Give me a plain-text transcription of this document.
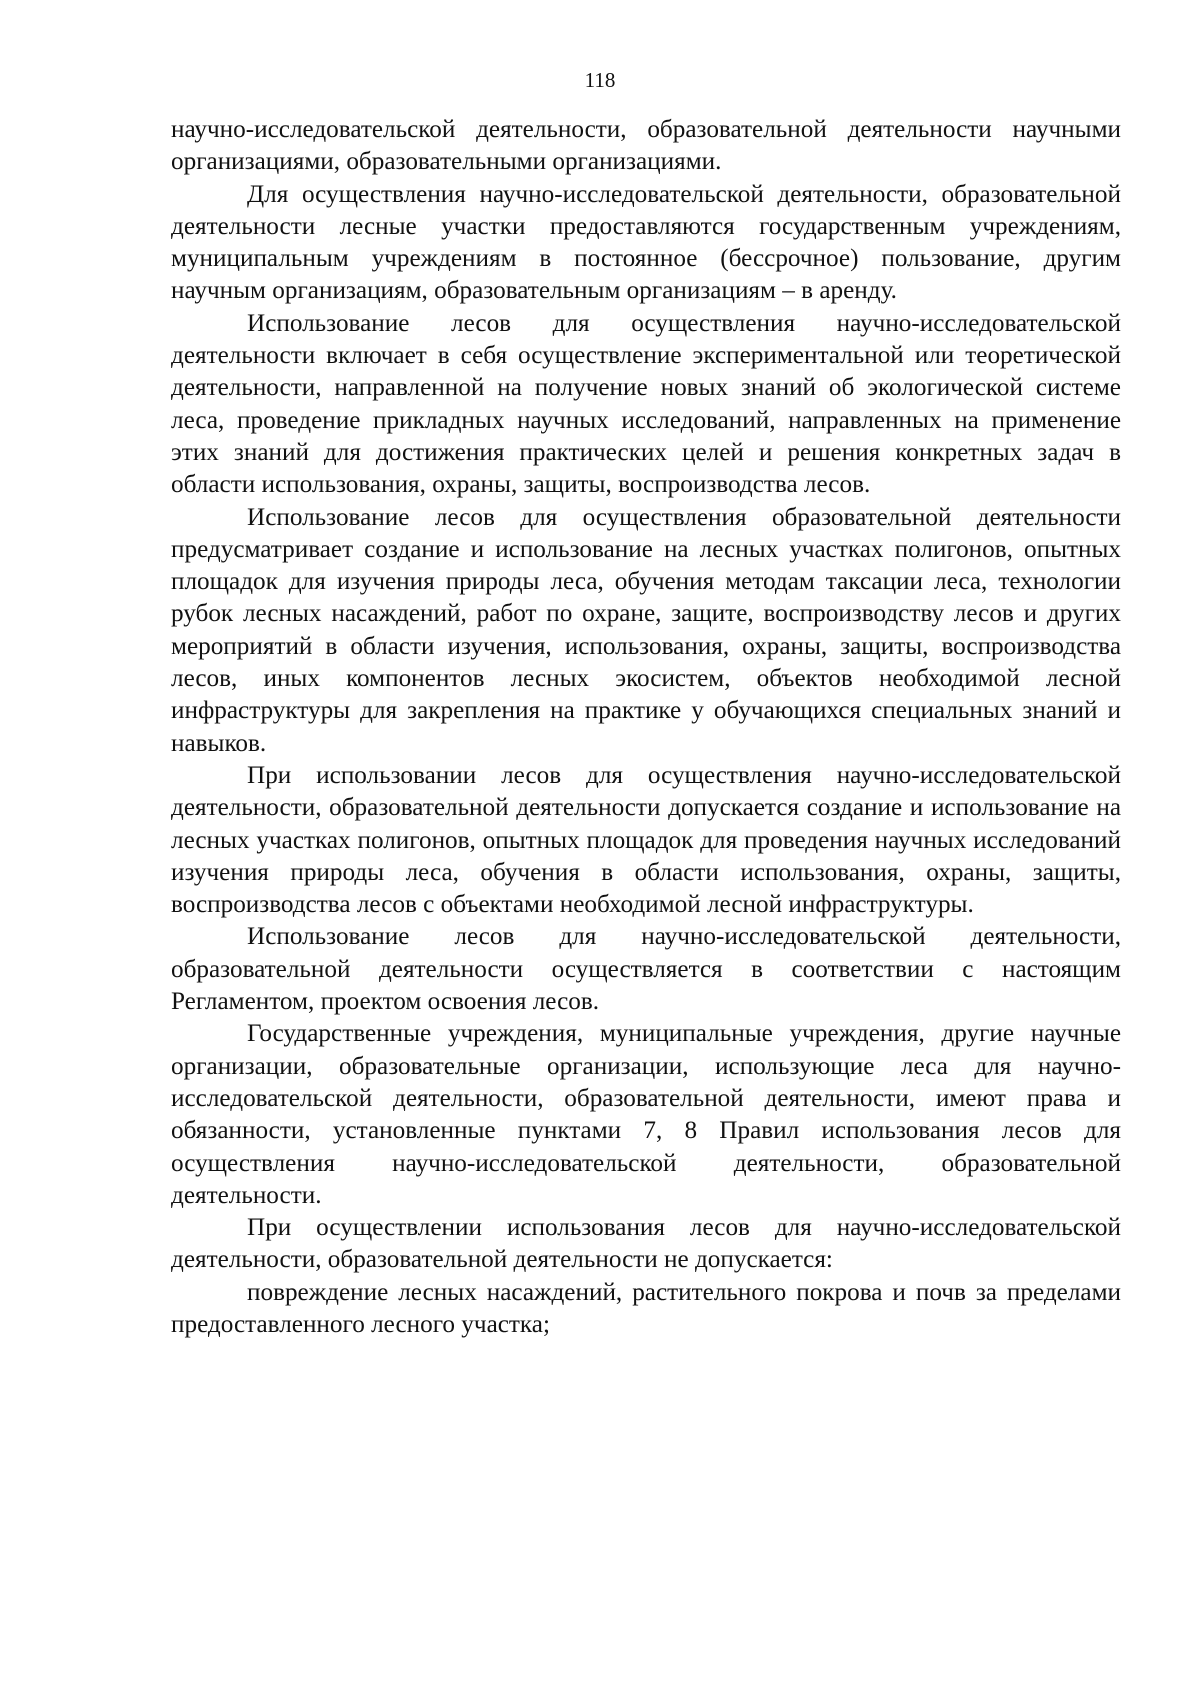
118

научно-исследовательской деятельности, образовательной деятельности научными организациями, образовательными организациями.

Для осуществления научно-исследовательской деятельности, образовательной деятельности лесные участки предоставляются государственным учреждениям, муниципальным учреждениям в постоянное (бессрочное) пользование, другим научным организациям, образовательным организациям – в аренду.

Использование лесов для осуществления научно-исследовательской деятельности включает в себя осуществление экспериментальной или теоретической деятельности, направленной на получение новых знаний об экологической системе леса, проведение прикладных научных исследований, направленных на применение этих знаний для достижения практических целей и решения конкретных задач в области использования, охраны, защиты, воспроизводства лесов.

Использование лесов для осуществления образовательной деятельности предусматривает создание и использование на лесных участках полигонов, опытных площадок для изучения природы леса, обучения методам таксации леса, технологии рубок лесных насаждений, работ по охране, защите, воспроизводству лесов и других мероприятий в области изучения, использования, охраны, защиты, воспроизводства лесов, иных компонентов лесных экосистем, объектов необходимой лесной инфраструктуры для закрепления на практике у обучающихся специальных знаний и навыков.

При использовании лесов для осуществления научно-исследовательской деятельности, образовательной деятельности допускается создание и использование на лесных участках полигонов, опытных площадок для проведения научных исследований изучения природы леса, обучения в области использования, охраны, защиты, воспроизводства лесов с объектами необходимой лесной инфраструктуры.

Использование лесов для научно-исследовательской деятельности, образовательной деятельности осуществляется в соответствии с настоящим Регламентом, проектом освоения лесов.

Государственные учреждения, муниципальные учреждения, другие научные организации, образовательные организации, использующие леса для научно-исследовательской деятельности, образовательной деятельности, имеют права и обязанности, установленные пунктами 7, 8 Правил использования лесов для осуществления научно-исследовательской деятельности, образовательной деятельности.

При осуществлении использования лесов для научно-исследовательской деятельности, образовательной деятельности не допускается:

повреждение лесных насаждений, растительного покрова и почв за пределами предоставленного лесного участка;
